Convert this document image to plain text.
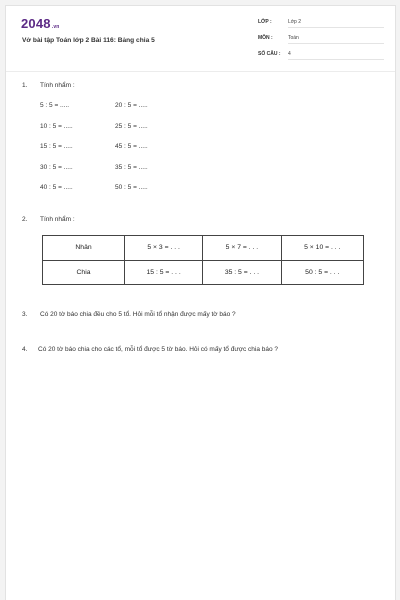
2048.vn
Vở bài tập Toán lớp 2 Bài 116: Bảng chia 5
LỚP :	Lớp 2
MÔN :	Toán
SỐ CÂU :	4
1. Tính nhẩm :
5 : 5 = .....
10 : 5 = .....
15 : 5 = .....
30 : 5 = .....
40 : 5 = .....
20 : 5 = .....
25 : 5 = .....
45 : 5 = .....
35 : 5 = .....
50 : 5 = .....
2. Tính nhẩm :
Nhân	5 × 3 = . . .	5 × 7 = . . .	5 × 10 = . . .
Chia	15 : 5 = . . .	35 : 5 = . . .	50 : 5 = . . .
3. Có 20 tờ báo chia đều cho 5 tổ. Hỏi mỗi tổ nhận được mấy tờ báo ?
4. Có 20 tờ báo chia cho các tổ, mỗi tổ được 5 tờ báo. Hỏi có mấy tổ được chia báo ?
